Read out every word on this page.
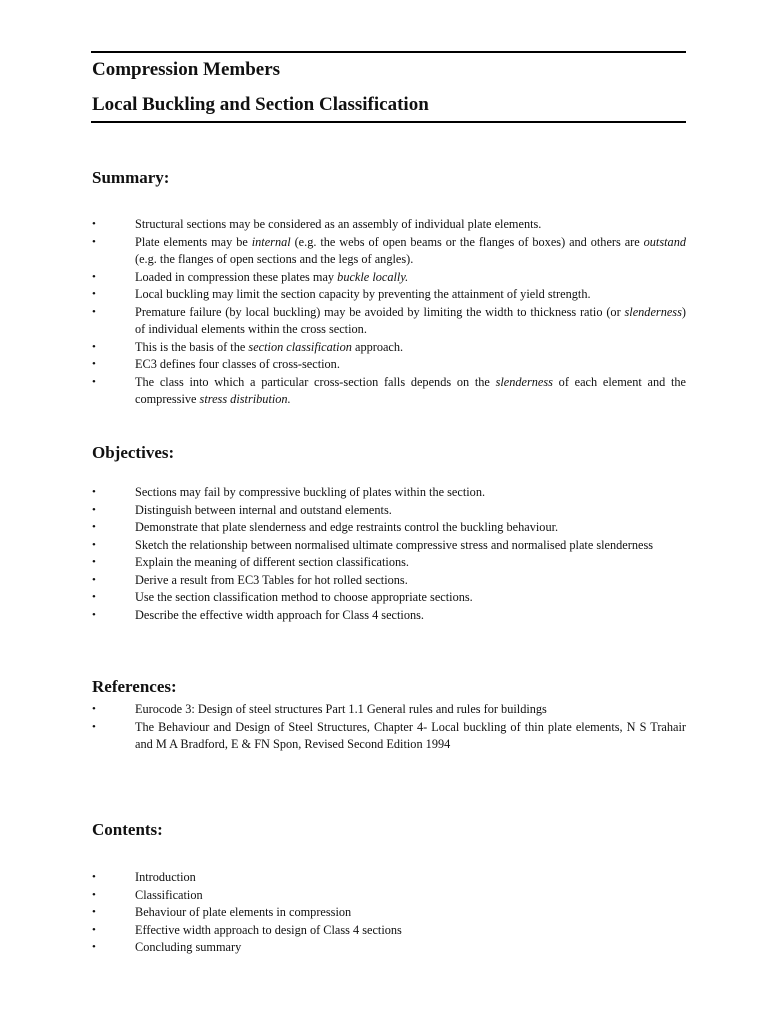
Compression Members
Local Buckling and Section Classification
Summary:
•	Structural sections may be considered as an assembly of individual plate elements.
•	Plate elements may be internal (e.g. the webs of open beams or the flanges of boxes) and others are outstand (e.g. the flanges of open sections and the legs of angles).
•	Loaded in compression these plates may buckle locally.
•	Local buckling may limit the section capacity by preventing the attainment of yield strength.
•	Premature failure (by local buckling) may be avoided by limiting the width to thickness ratio (or slenderness) of individual elements within the cross section.
•	This is the basis of the section classification approach.
•	EC3 defines four classes of cross-section.
•	The class into which a particular cross-section falls depends on the slenderness of each element and the compressive stress distribution.
Objectives:
•	Sections may fail by compressive buckling of plates within the section.
•	Distinguish between internal and outstand elements.
•	Demonstrate that plate slenderness and edge restraints control the buckling behaviour.
•	Sketch the relationship between normalised ultimate compressive stress and normalised plate slenderness
•	Explain the meaning of different section classifications.
•	Derive a result from EC3 Tables for hot rolled sections.
•	Use the section classification method to choose appropriate sections.
•	Describe the effective width approach for Class 4 sections.
References:
•	Eurocode 3: Design of steel structures Part 1.1 General rules and rules for buildings
•	The Behaviour and Design of Steel Structures, Chapter 4- Local buckling of thin plate elements, N S Trahair and M A Bradford, E & FN Spon, Revised Second Edition 1994
Contents:
•	Introduction
•	Classification
•	Behaviour of plate elements in compression
•	Effective width approach to design of Class 4 sections
•	Concluding summary
